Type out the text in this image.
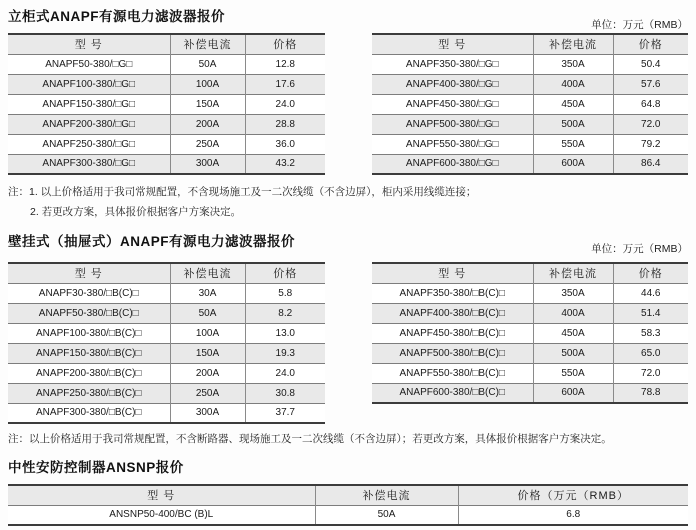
立柜式ANAPF有源电力滤波器报价
单位：万元（RMB）
型 号	补偿电流	价格
ANAPF50-380/□G□	50A	12.8
ANAPF100-380/□G□	100A	17.6
ANAPF150-380/□G□	150A	24.0
ANAPF200-380/□G□	200A	28.8
ANAPF250-380/□G□	250A	36.0
ANAPF300-380/□G□	300A	43.2
型 号	补偿电流	价格
ANAPF350-380/□G□	350A	50.4
ANAPF400-380/□G□	400A	57.6
ANAPF450-380/□G□	450A	64.8
ANAPF500-380/□G□	500A	72.0
ANAPF550-380/□G□	550A	79.2
ANAPF600-380/□G□	600A	86.4
注：1. 以上价格适用于我司常规配置，不含现场施工及一二次线缆（不含边屏），柜内采用线缆连接；
2. 若更改方案，具体报价根据客户方案决定。
壁挂式（抽屉式）ANAPF有源电力滤波器报价	单位：万元（RMB）
型 号	补偿电流	价格
ANAPF30-380/□B(C)□	30A	5.8
ANAPF50-380/□B(C)□	50A	8.2
ANAPF100-380/□B(C)□	100A	13.0
ANAPF150-380/□B(C)□	150A	19.3
ANAPF200-380/□B(C)□	200A	24.0
ANAPF250-380/□B(C)□	250A	30.8
ANAPF300-380/□B(C)□	300A	37.7
型 号	补偿电流	价格
ANAPF350-380/□B(C)□	350A	44.6
ANAPF400-380/□B(C)□	400A	51.4
ANAPF450-380/□B(C)□	450A	58.3
ANAPF500-380/□B(C)□	500A	65.0
ANAPF550-380/□B(C)□	550A	72.0
ANAPF600-380/□B(C)□	600A	78.8
注：以上价格适用于我司常规配置，不含断路器、现场施工及一二次线缆（不含边屏）；若更改方案，具体报价根据客户方案决定。
中性安防控制器ANSNP报价
型 号	补偿电流	价格（万元（RMB）
ANSNP50-400/BC (B)L	50A	6.8
